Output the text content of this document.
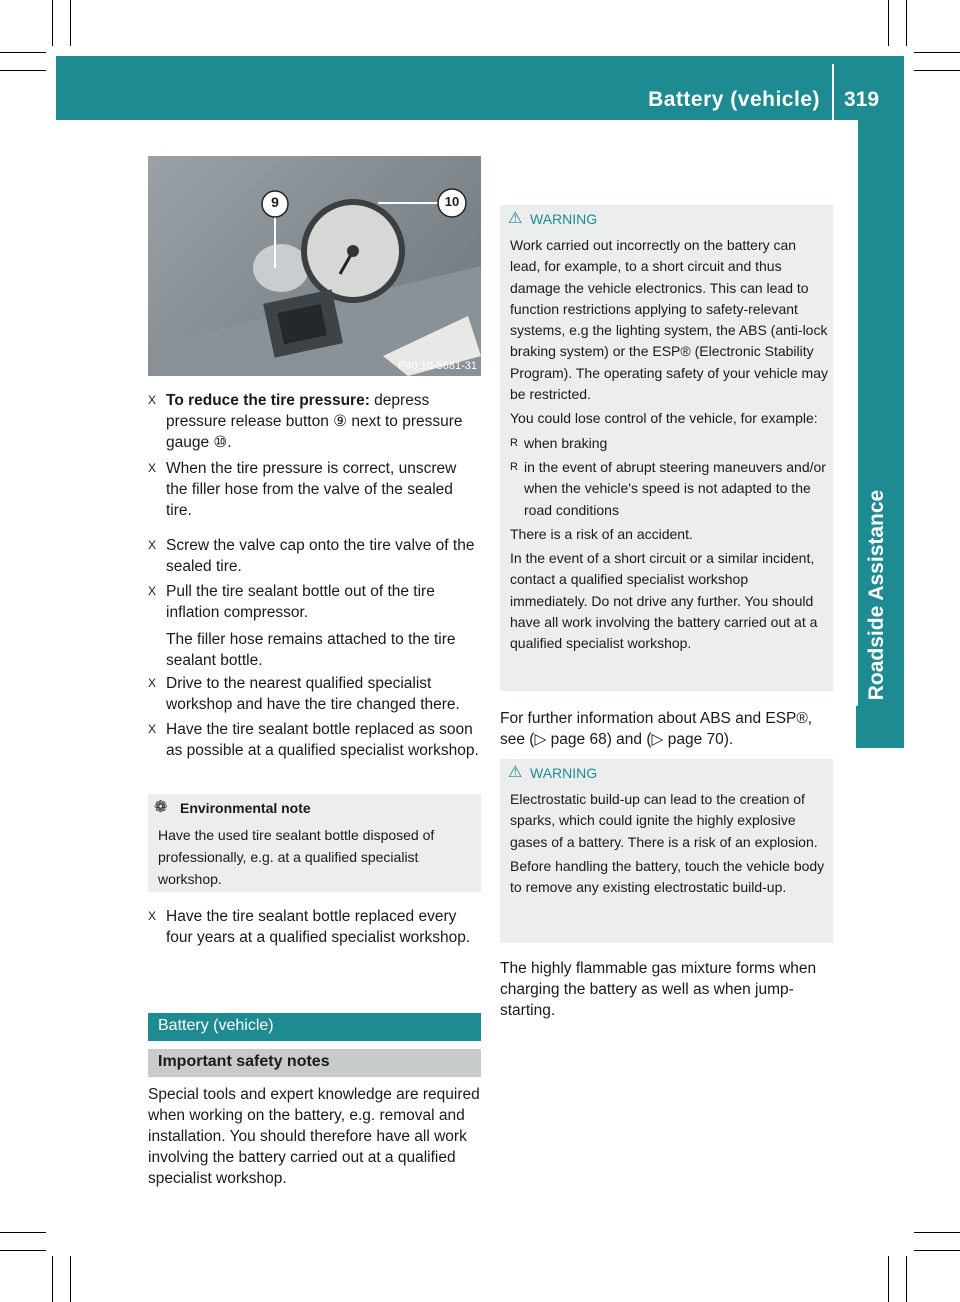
Battery (vehicle) 319
Roadside Assistance
9	10
P40.10-5681-31
X To reduce the tire pressure: depress pressure release button ⑨ next to pressure gauge ⑩.
X When the tire pressure is correct, unscrew the filler hose from the valve of the sealed tire.
X Screw the valve cap onto the tire valve of the sealed tire.
X Pull the tire sealant bottle out of the tire inflation compressor.
The filler hose remains attached to the tire sealant bottle.
X Drive to the nearest qualified specialist workshop and have the tire changed there.
X Have the tire sealant bottle replaced as soon as possible at a qualified specialist workshop.
❁ Environmental note
Have the used tire sealant bottle disposed of professionally, e.g. at a qualified specialist workshop.
X Have the tire sealant bottle replaced every four years at a qualified specialist workshop.
Battery (vehicle)
Important safety notes
Special tools and expert knowledge are required when working on the battery, e.g. removal and installation. You should therefore have all work involving the battery carried out at a qualified specialist workshop.
⚠ WARNING

Work carried out incorrectly on the battery can lead, for example, to a short circuit and thus damage the vehicle electronics. This can lead to function restrictions applying to safety-relevant systems, e.g the lighting system, the ABS (anti-lock braking system) or the ESP® (Electronic Stability Program). The operating safety of your vehicle may be restricted.

You could lose control of the vehicle, for example:

R when braking

R in the event of abrupt steering maneuvers and/or when the vehicle's speed is not adapted to the road conditions

There is a risk of an accident.

In the event of a short circuit or a similar incident, contact a qualified specialist workshop immediately. Do not drive any further. You should have all work involving the battery carried out at a qualified specialist workshop.

For further information about ABS and ESP®, see (▷ page 68) and (▷ page 70).
⚠ WARNING

Electrostatic build-up can lead to the creation of sparks, which could ignite the highly explosive gases of a battery. There is a risk of an explosion.

Before handling the battery, touch the vehicle body to remove any existing electrostatic build-up.

The highly flammable gas mixture forms when charging the battery as well as when jump-starting.
